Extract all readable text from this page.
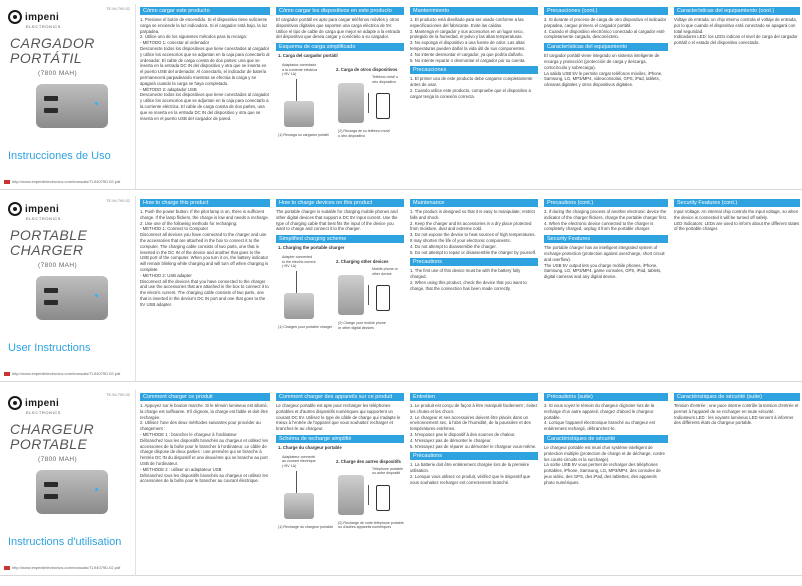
impeni
ELECTRONICS
TE.94.790.02
CARGADOR
PORTÁTIL
(7800 MAH)
Instrucciones de Uso
http://www.impeniielectronics.com/manuals/TL94079D.02.pdf
Cómo cargar este producto
1. Presione el botón de encendido. Si el dispositivo tiene suficiente carga se enciende la luz indicadora. Si el cargador está bajo, la luz parpadea.
2. Utilice uno de los siguientes métodos para la recarga:
- MÉTODO 1: conectar al ordenador
Desconecte todos los dispositivos que tiene conectados al cargador y utilice los accesorios que se adjuntan en la caja para conectarlo al ordenador. El cable de carga consta de dos partes: una que se inserta en la entrada DC IN del dispositivo y otra que se inserta en el puerto USB del ordenador. Al conectarlo, el indicador de batería permanecerá parpadeando mientras se efectúa la carga y se apagará cuando la carga se haya completado.
- MÉTODO 2: adaptador USB
Desconecte todos los dispositivos que tiene conectados al cargador y utilice los accesorios que se adjuntan en la caja para conectarlo a la corriente eléctrica. El cable de carga consta de dos partes, una que se inserta en la entrada DC IN del dispositivo y otra que se inserta en el puerto USB del cargador de pared.
Cómo cargar los dispositivos en este producto
El cargador portátil es apto para cargar teléfonos móviles y otros dispositivos digitales que soporten una carga eléctrica de 5V. Utilice el tipo de cable de carga que mejor se adapte a la entrada del dispositivo que desea cargar y conéctelo a su cargador.
Esquema de carga simplificado
1. Carga del cargador portátil
Adaptador conectado
a la corriente eléctrica
(+5V 1A)
(1) Recarga su cargador portátil
2. Carga de otros dispositivos
Teléfono móvil u
otro dispositivo
(2) Recarga de su teléfono móvil
u otro dispositivo
Mantenimiento
1. El producto está diseñado para ser usado conforme a las especificaciones del fabricante. Evite las caídas.
2. Mantenga el cargador y sus accesorios en un lugar seco, protegido de la humedad, el polvo y las altas temperaturas.
3. No exponga el dispositivo a una fuente de calor. Las altas temperaturas pueden dañar la vida útil de sus componentes.
4. No intente desmontar el cargador, ya que podría dañarlo.
5. No intente reparar o desmontar el cargador por su cuenta.
Precauciones
1. El primer uso de este producto debe cargarse completamente antes de usar.
2. Cuando utilice este producto, compruebe que el dispositivo a cargar tenga la conexión correcta.
Precauciones (cont.)
3. Si durante el proceso de carga de otro dispositivo el indicador parpadea, cargue primero el cargador portátil.
4. Cuando el dispositivo electrónico conectado al cargador esté completamente cargado, desconéctelo.
Características del equipamiento
El cargador portátil viene integrado un sistema inteligente de recarga y protección (protección de carga y descarga, cortocircuito y sobrecarga).
La salida USB 5V le permite cargar teléfonos móviles, iPhone, Samsung, LG, MP3/MP4, videoconsolas, GPS, iPad, tablets, cámaras digitales y otros dispositivos digitales.
Características del equipamiento (cont.)
Voltaje de entrada: un chip interno controla el voltaje de entrada, por lo que cuando el dispositivo está conectado se apagará con total seguridad.
Indicadores LED: los LEDs indican el nivel de carga del cargador portátil o el estado del dispositivo conectado.
impeni
ELECTRONICS
TE.94.790.02
PORTABLE
CHARGER
(7800 MAH)
User Instructions
http://www.impeniielectronics.com/manuals/TL94079D.02.pdf
How to charge this product
1. Push the power button. If the pilot lamp is on, there is sufficient charge. If the lamp flickers, the charge is low and needs a recharge.
2. Use one of the following methods for recharging:
- METHOD 1: Connect to Computer
Disconnect all devices you have connected to the charger and use the accessories that are attached in the box to connect it to the computer. The charging cable consists of two parts, one that is inserted in the DC IN of the device and another that goes to the USB port of the computer. When you turn it on, the battery indicator will remain blinking while charging and will turn off when charging is complete.
- METHOD 2: USB adapter
Disconnect all the devices that you have connected to the charger and use the accessories that are attached in the box to connect it to the electric current. The charging cable consists of two parts, one that is inserted in the device's DC IN port and one that goes to the 5V USB adapter.
How to charge devices on this product
The portable charger is suitable for charging mobile phones and other digital devices that support a DC 5V input current. Use the type of charging cable that best fits the input of the device you want to charge and connect it to the charger.
Simplified charging scheme
1. Charging the portable charger
Adapter connected
to the electric current
(+5V 1A)
(1) Charges your portable charger
2. Charging other devices
Mobile phone or
other device
(2) Charge your mobile phone
or other digital devices
Maintenance
1. The product is designed so that it is easy to manipulate; restrict falls and shock.
2. Keep the charger and its accessories in a dry place protected from moisture, dust and extreme cold.
3. Do not expose the device to heat sources of high temperatures. It may shorten the life of your electronic components.
4. Do not attempt to disassemble the charger.
5. Do not attempt to repair or disassemble the charger by yourself.
Precautions
1. The first use of this device must be with the battery fully charged.
2. When using this product, check the device that you want to charge, that the connection has been made correctly.
Precautions (cont.)
3. If during the charging process of another electronic device the indicator of the charger flickers, charge the portable charger first.
4. When the electronic device connected to the charger is completely charged, unplug it from the portable charger.
Security Features
The portable charger has an intelligent integrated system of recharge protection (protection against overcharge, short circuit and overflow).
The USB 5V output lets you charge mobile phones, iPhone, Samsung, LG, MP3/MP4, game consoles, GPS, iPad, tablets, digital cameras and any digital device.
Security Features (cont.)
Input Voltage: An internal chip controls the input voltage, so when the device is connected it will be turned off safely.
LED Indicators: LEDs are used to inform about the different states of the portable charger.
impeni
ELECTRONICS
TE.94.790.02
CHARGEUR
PORTABLE
(7800 MAH)
Instructions d'utilisation
http://www.impeniielectronics.com/manuals/TL94079D.02.pdf
Comment charger ce produit
1. Appuyez sur le bouton marche. Si le témoin lumineux est allumé, la charge est suffisante. S'il clignote, la charge est faible et doit être rechargée.
2. Utilisez l'une des deux méthodes suivantes pour procéder au chargement :
- MÉTHODE 1 : brancher le chargeur à l'ordinateur
Débranchez tous les dispositifs branchés au chargeur et utilisez les accessoires de la boîte pour le brancher à l'ordinateur. Le câble de charge dispose de deux parties : une première qui se branche à l'entrée DC IN du dispositif et une deuxième qui se branche au port USB de l'ordinateur.
- MÉTHODE 2 : utiliser un adaptateur USB
Débranchez tous les dispositifs branchés au chargeur et utilisez les accessoires de la boîte pour le brancher au courant électrique.
Comment charger des appareils sur ce produit
Le chargeur portable est apte pour recharger les téléphones portables et d'autres dispositifs numériques qui supportent un courant DC 5V. Utilisez le type de câble de charge qui s'adapte le mieux à l'entrée de l'appareil que vous souhaitez recharger et branchez-le au chargeur.
Schéma de recharge simplifié
1. Charge du chargeur portable
Adaptateur connecté
au courant électrique
(+5V 1A)
(1) Recharge du chargeur portable
2. Charge des autres dispositifs
Téléphone portable
ou autre dispositif
(2) Recharge de votre téléphone portable
ou d'autres appareils numériques
Entretien
1. Le produit est conçu de façon à être manipulé facilement ; évitez les chutes et les chocs.
2. Le chargeur et ses accessoires doivent être placés dans un environnement sec, à l'abri de l'humidité, de la poussière et des températures extrêmes.
3. N'exposez pas le dispositif à des sources de chaleur.
4. N'essayez pas de démonter le chargeur.
5. N'essayez pas de réparer ou démonter le chargeur vous-même.
Précautions
1. La batterie doit être entièrement chargée lors de la première utilisation.
2. Lorsque vous utilisez ce produit, vérifiez que le dispositif que vous souhaitez recharger est correctement branché.
Précautions (suite)
3. Si vous voyez le témoin du chargeur clignoter lors de la recharge d'un autre appareil, chargez d'abord le chargeur portable.
4. Lorsque l'appareil électronique branché au chargeur est entièrement rechargé, débranchez-le.
Caractéristiques de sécurité
Le chargeur portable est muni d'un système intelligent de protection multiple (protection de charge et de décharge, contre les courts-circuits et la surcharge).
La sortie USB 5V vous permet de recharger des téléphones portables, iPhone, Samsung, LG, MP3/MP4, des consoles de jeux vidéo, des GPS, des iPad, des tablettes, des appareils photo numériques.
Caractéristiques de sécurité (suite)
Tension d'entrée : une puce interne contrôle la tension d'entrée et permet à l'appareil de se recharger en toute sécurité.
Indicateurs LED : les voyants lumineux LED servent à informer des différents états du chargeur portable.
